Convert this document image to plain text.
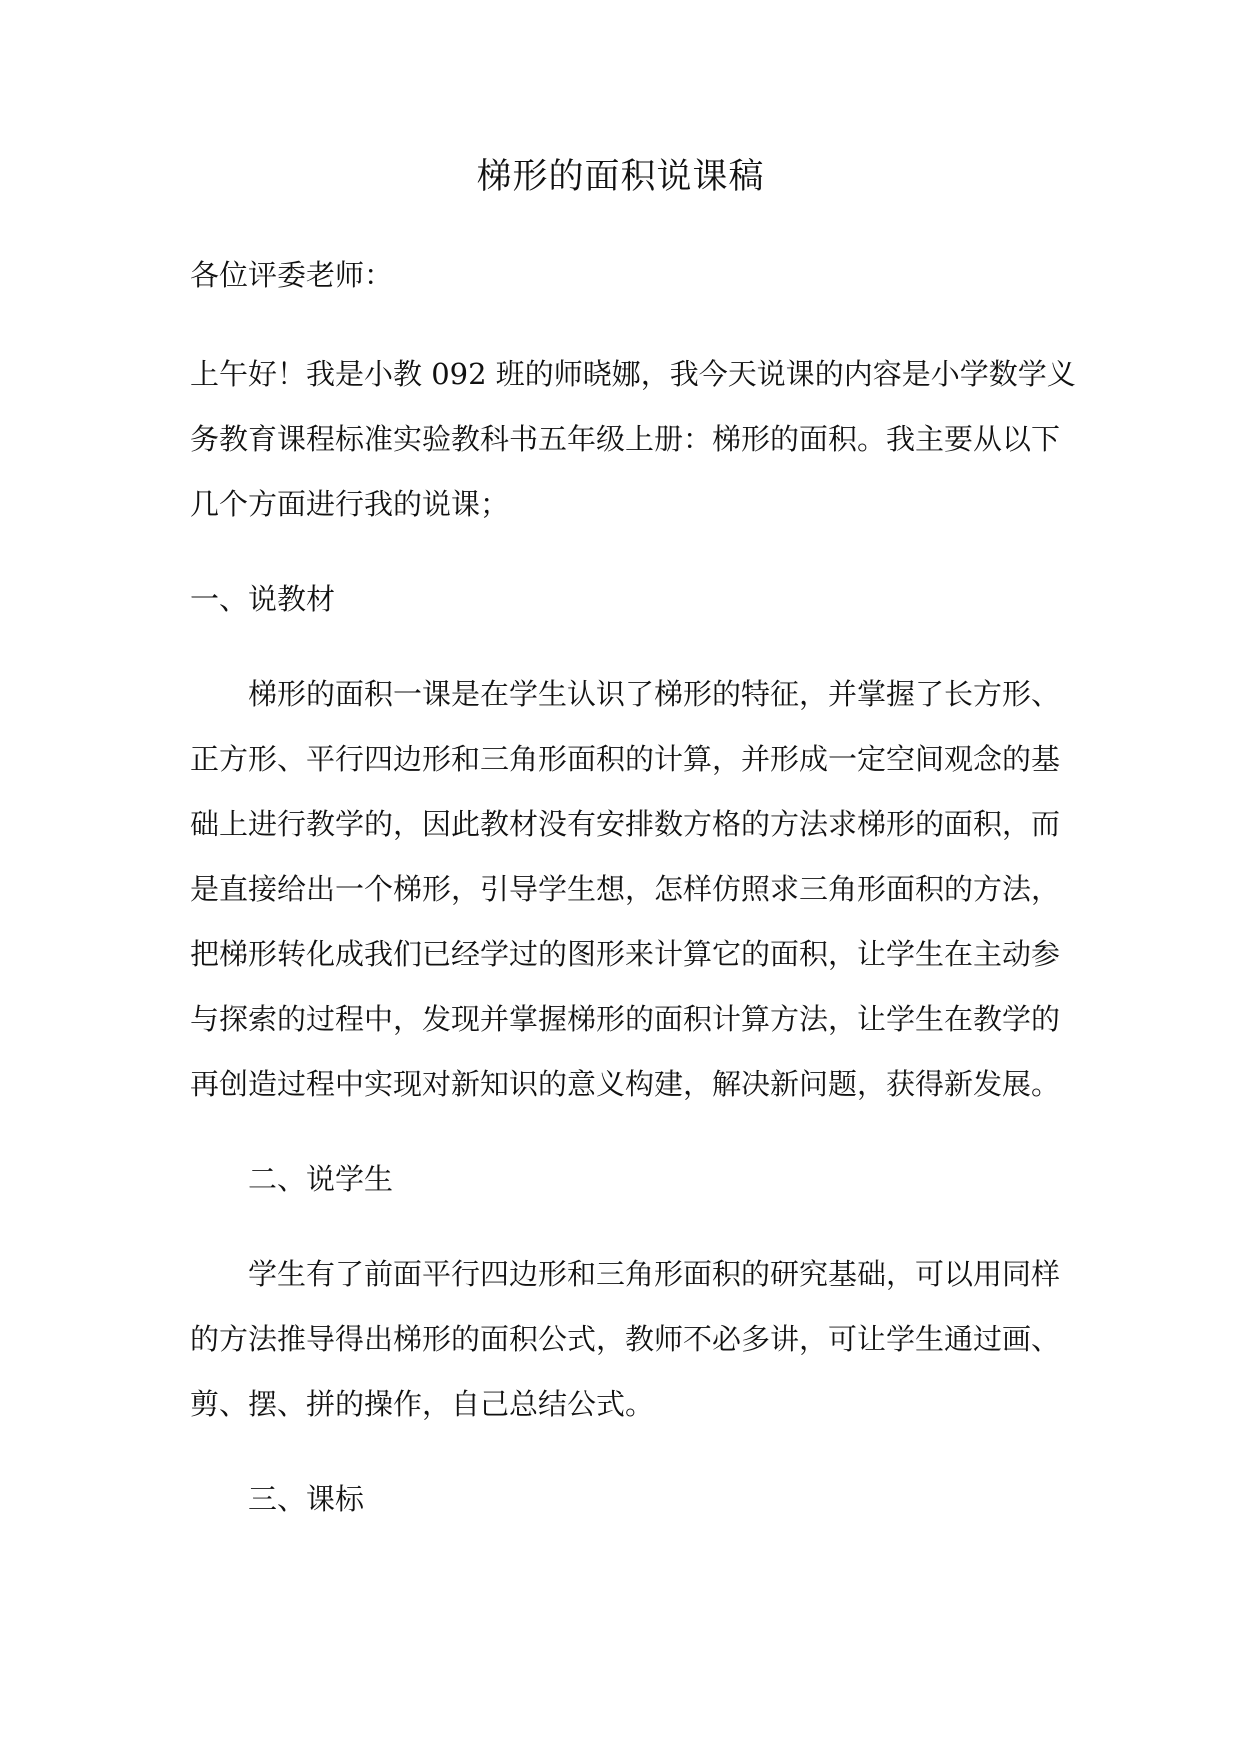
梯形的面积说课稿

各位评委老师：

上午好！我是小教 092 班的师晓娜，我今天说课的内容是小学数学义

务教育课程标准实验教科书五年级上册：梯形的面积。我主要从以下

几个方面进行我的说课；

一、说教材

梯形的面积一课是在学生认识了梯形的特征，并掌握了长方形、

正方形、平行四边形和三角形面积的计算，并形成一定空间观念的基

础上进行教学的，因此教材没有安排数方格的方法求梯形的面积，而

是直接给出一个梯形，引导学生想，怎样仿照求三角形面积的方法，

把梯形转化成我们已经学过的图形来计算它的面积，让学生在主动参

与探索的过程中，发现并掌握梯形的面积计算方法，让学生在教学的

再创造过程中实现对新知识的意义构建，解决新问题，获得新发展。

二、说学生

学生有了前面平行四边形和三角形面积的研究基础，可以用同样

的方法推导得出梯形的面积公式，教师不必多讲，可让学生通过画、

剪、摆、拼的操作，自己总结公式。

三、课标
